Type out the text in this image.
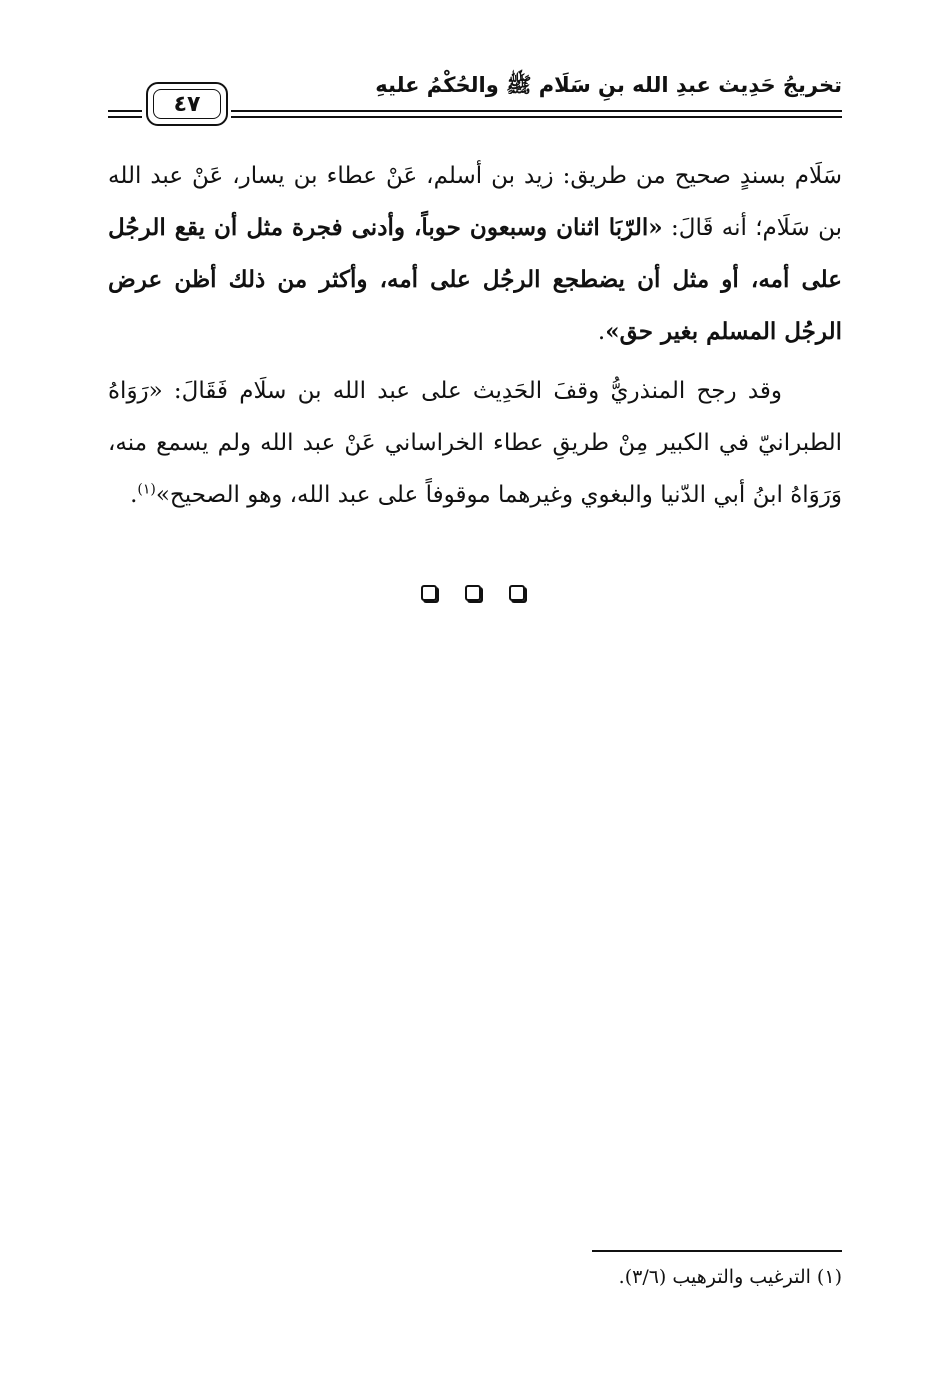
تخريجُ حَدِيث عبدِ الله بنِ سَلَام ﷺ والحُكْمُ عليهِ
٤٧

سَلَام بسندٍ صحيح من طريق: زيد بن أسلم، عَنْ عطاء بن يسار، عَنْ عبد الله بن سَلَام؛ أنه قَالَ: «الرّبَا اثنان وسبعون حوباً، وأدنى فجرة مثل أن يقع الرجُل على أمه، أو مثل أن يضطجع الرجُل على أمه، وأكثر من ذلك أظن عرض الرجُل المسلم بغير حق».

وقد رجح المنذريُّ وقفَ الحَدِيث على عبد الله بن سلَام فَقَالَ: «رَوَاهُ الطبرانيّ في الكبير مِنْ طريقِ عطاء الخراساني عَنْ عبد الله ولم يسمع منه، وَرَوَاهُ ابنُ أبي الدّنيا والبغوي وغيرهما موقوفاً على عبد الله، وهو الصحيح»$^{(١)}$.

(١) الترغيب والترهيب (٣/٦).
